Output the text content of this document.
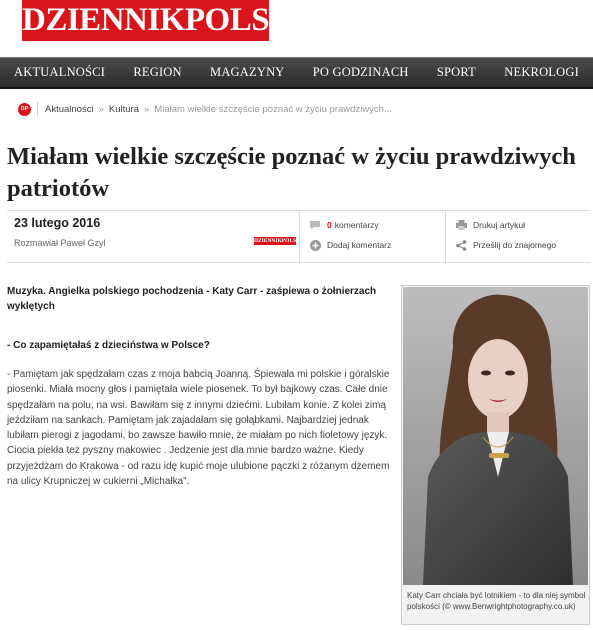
DZIENNIKPOLSKI
AKTUALNOŚCI REGION MAGAZYNY PO GODZINACH SPORT NEKROLOGI
DP Aktualności » Kultura » Miałam wielkie szczęście poznać w życiu prawdziwych...
Miałam wielkie szczęście poznać w życiu prawdziwych patriotów
23 lutego 2016
Rozmawiał Paweł Gzyl	DZIENNIKPOLSKI
0 komentarzy
Dodaj komentarz
Drukuj artykuł
Prześlij do znajomego

Muzyka. Angielka polskiego pochodzenia - Katy Carr - zaśpiewa o żołnierzach wyklętych

- Co zapamiętałaś z dzieciństwa w Polsce?

- Pamiętam jak spędzałam czas z moja babcią Joanną. Śpiewała mi polskie i góralskie piosenki. Miała mocny głos i pamiętała wiele piosenek. To był bajkowy czas. Całe dnie spędzałam na polu, na wsi. Bawiłam się z innymi dziećmi. Lubiłam konie. Z kolei zimą jeździłam na sankach. Pamiętam jak zajadałam się gołąbkami. Najbardziej jednak lubiłam pierogi z jagodami, bo zawsze bawiło mnie, że miałam po nich fioletowy język. Ciocia piekła też pyszny makowiec . Jedzenie jest dla mnie bardzo ważne. Kiedy przyjeżdżam do Krakowa - od razu idę kupić moje ulubione pączki z różanym dżemem na ulicy Krupniczej w cukierni „Michałka”.

Katy Carr chciała być lotnikiem - to dla niej symbol polskości (© www.Benwrightphotography.co.uk)
